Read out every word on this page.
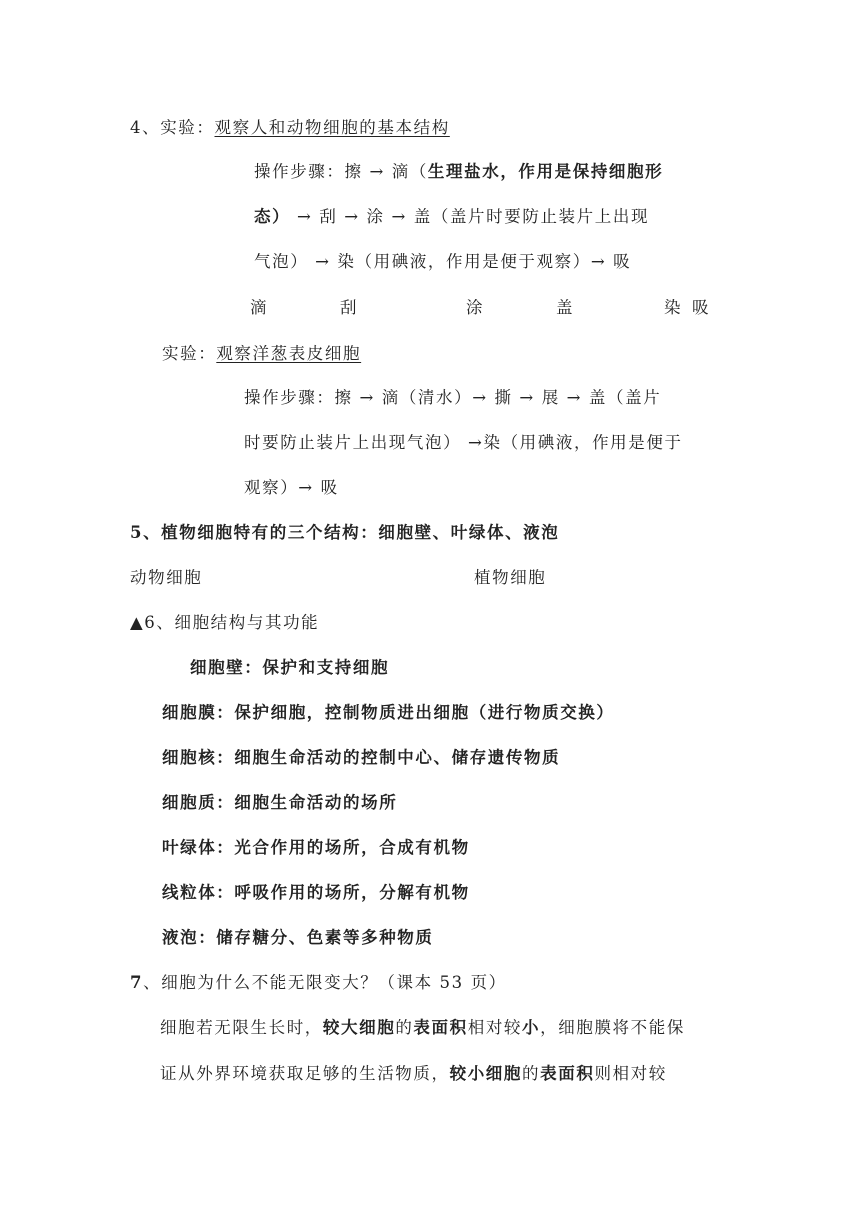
4、实验：观察人和动物细胞的基本结构
操作步骤：擦 → 滴（生理盐水，作用是保持细胞形
态） → 刮 → 涂 → 盖（盖片时要防止装片上出现
气泡） → 染（用碘液，作用是便于观察）→ 吸
滴	刮	涂	盖	染 吸
实验：观察洋葱表皮细胞
操作步骤：擦 → 滴（清水）→ 撕 → 展 → 盖（盖片
时要防止装片上出现气泡） →染（用碘液，作用是便于
观察）→ 吸
5、植物细胞特有的三个结构：细胞壁、叶绿体、液泡
动物细胞	植物细胞
▲6、细胞结构与其功能
细胞壁：保护和支持细胞
细胞膜：保护细胞，控制物质进出细胞（进行物质交换）
细胞核：细胞生命活动的控制中心、储存遗传物质
细胞质：细胞生命活动的场所
叶绿体：光合作用的场所，合成有机物
线粒体：呼吸作用的场所，分解有机物
液泡：储存糖分、色素等多种物质
7、细胞为什么不能无限变大？（课本 53 页）
细胞若无限生长时，较大细胞的表面积相对较小，细胞膜将不能保
证从外界环境获取足够的生活物质，较小细胞的表面积则相对较
